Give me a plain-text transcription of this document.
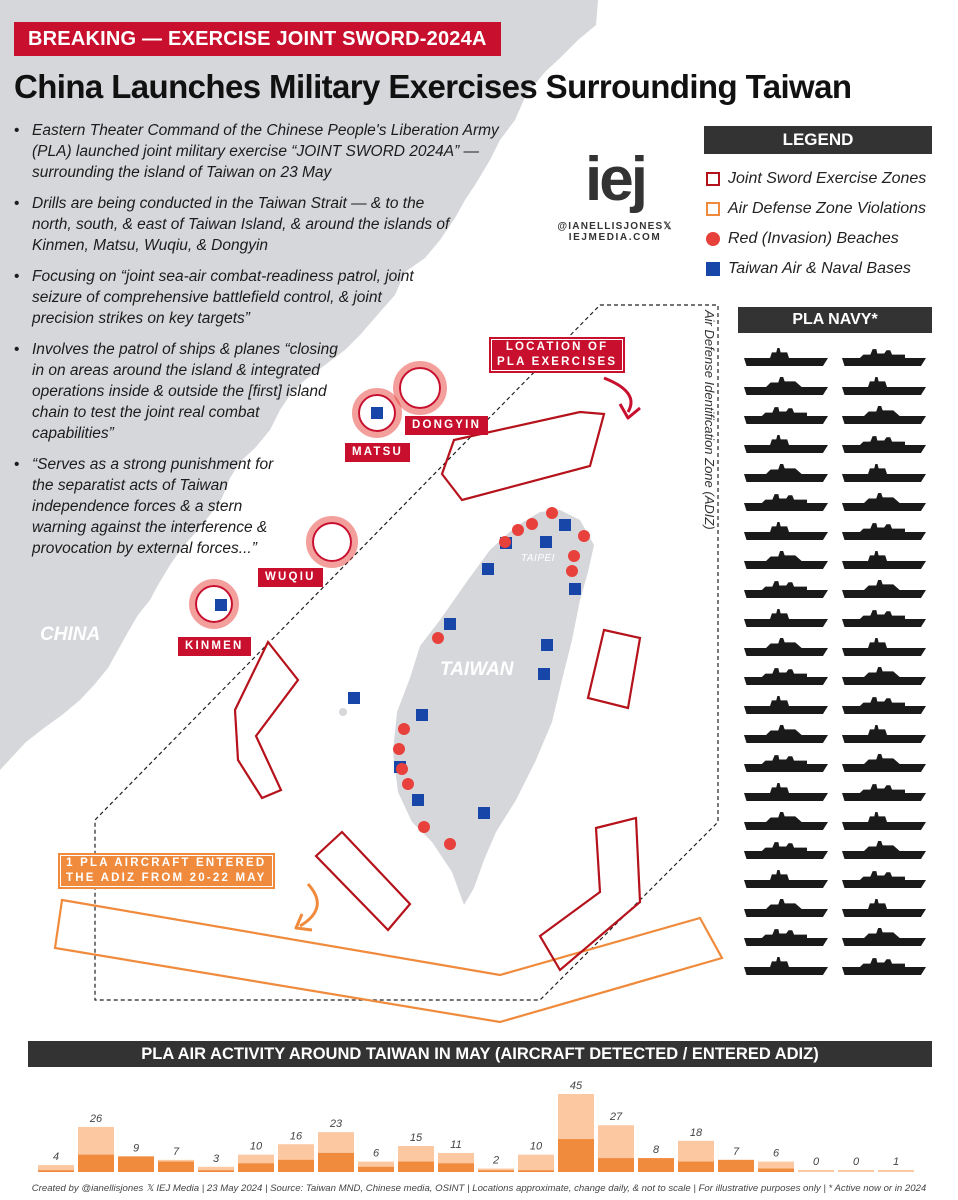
BREAKING — EXERCISE JOINT SWORD-2024A
China Launches Military Exercises Surrounding Taiwan
• Eastern Theater Command of the Chinese People's Liberation Army (PLA) launched joint military exercise “JOINT SWORD 2024A” — surrounding the island of Taiwan on 23 May
• Drills are being conducted in the Taiwan Strait — & to the north, south, & east of Taiwan Island, & around the islands of Kinmen, Matsu, Wuqiu, & Dongyin
• Focusing on “joint sea-air combat-readiness patrol, joint seizure of comprehensive battlefield control, & joint precision strikes on key targets”
• Involves the patrol of ships & planes “closing in on areas around the island & integrated operations inside & outside the [first] island chain to test the joint real combat capabilities”
• “Serves as a strong punishment for the separatist acts of Taiwan independence forces & a stern warning against the interference & provocation by external forces...”
iej
@IANELLISJONES𝕏
IEJMEDIA.COM
LEGEND
Joint Sword Exercise Zones
Air Defense Zone Violations
Red (Invasion) Beaches
Taiwan Air & Naval Bases
PLA NAVY*
LOCATION OF
PLA EXERCISES
DONGYIN
MATSU
WUQIU
KINMEN
1 PLA AIRCRAFT ENTERED
THE ADIZ FROM 20-22 MAY
CHINA
TAIWAN
TAIPEI
Air Defense Identification Zone (ADIZ)
PLA AIR ACTIVITY AROUND TAIWAN IN MAY (AIRCRAFT DETECTED / ENTERED ADIZ)
4
26
9	7
3
10
16
23
6
15
11
2
10
45
27
8
18
7	6
0	0	1
Created by @ianellisjones 𝕏 IEJ Media | 23 May 2024 | Source: Taiwan MND, Chinese media, OSINT | Locations approximate, change daily, & not to scale | For illustrative purposes only | * Active now or in 2024
